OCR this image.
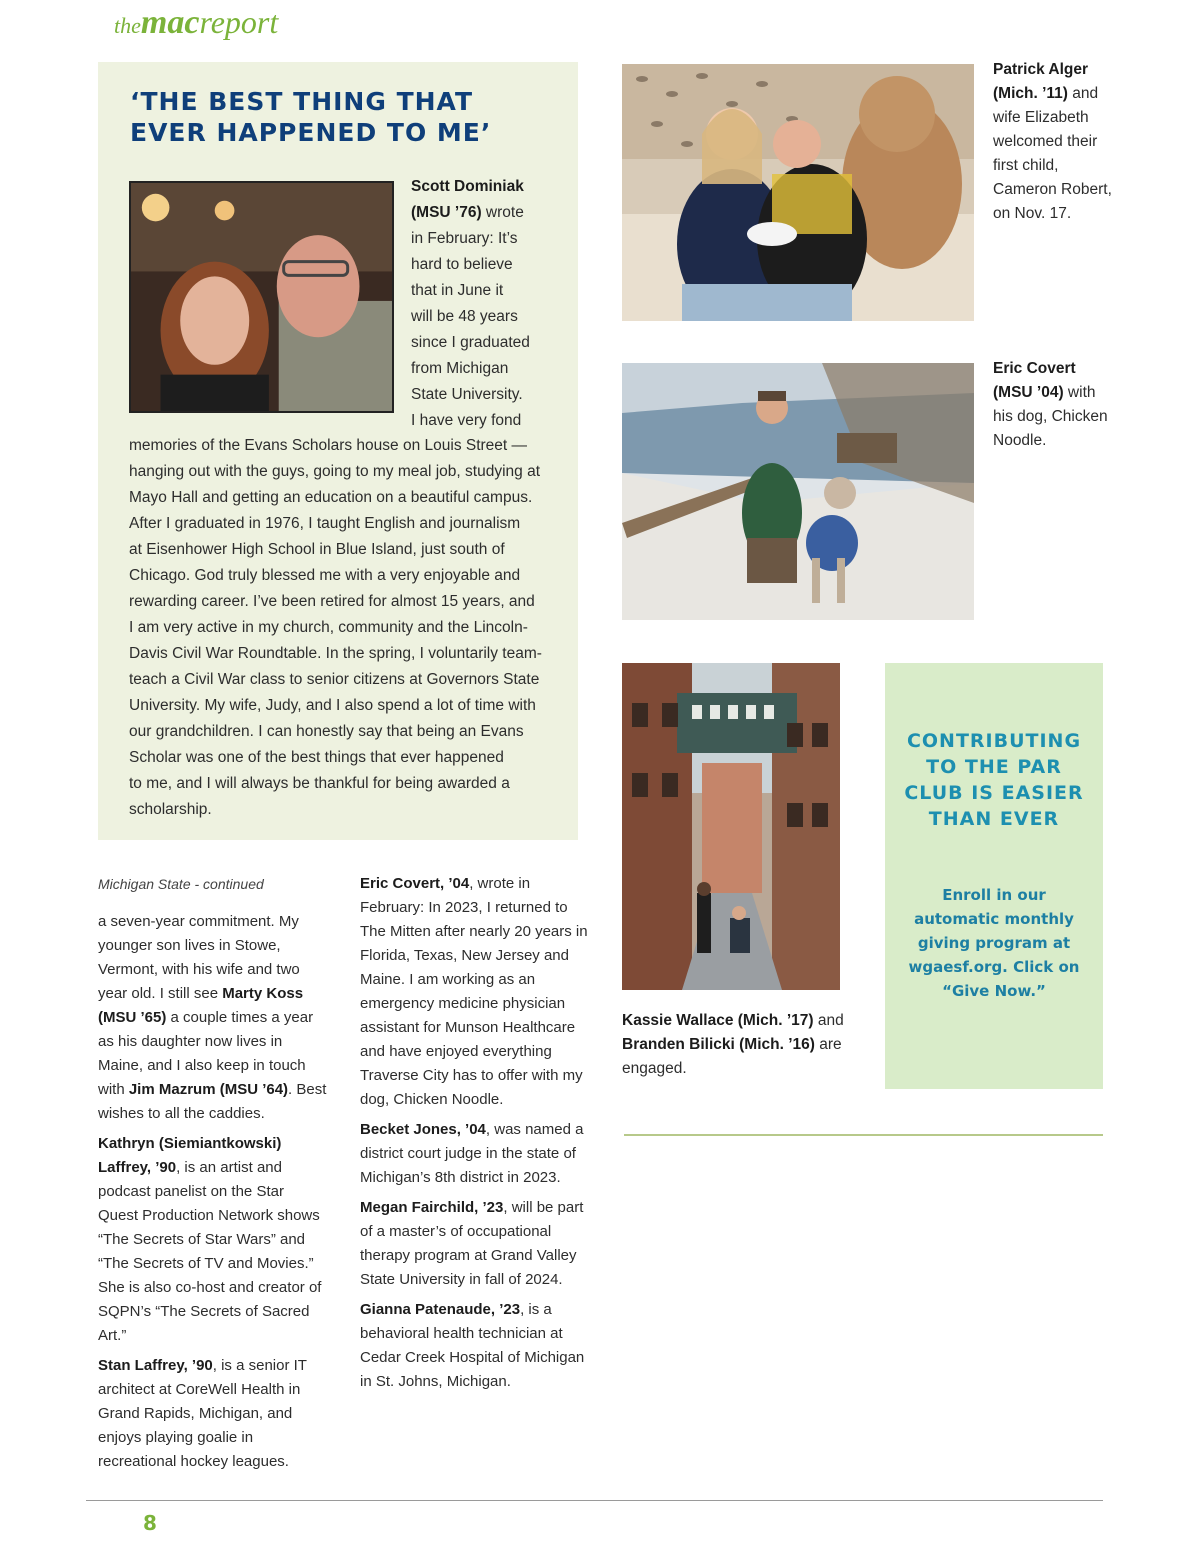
themacreport
‘THE BEST THING THAT
EVER HAPPENED TO ME’
Scott Dominiak
(MSU ’76) wrote
in February: It’s
hard to believe
that in June it
will be 48 years
since I graduated
from Michigan
State University.
I have very fond
memories of the Evans Scholars house on Louis Street —
hanging out with the guys, going to my meal job, studying at
Mayo Hall and getting an education on a beautiful campus.
After I graduated in 1976, I taught English and journalism
at Eisenhower High School in Blue Island, just south of
Chicago. God truly blessed me with a very enjoyable and
rewarding career. I’ve been retired for almost 15 years, and
I am very active in my church, community and the Lincoln-
Davis Civil War Roundtable. In the spring, I voluntarily team-
teach a Civil War class to senior citizens at Governors State
University. My wife, Judy, and I also spend a lot of time with
our grandchildren. I can honestly say that being an Evans
Scholar was one of the best things that ever happened
to me, and I will always be thankful for being awarded a
scholarship.

Michigan State - continued

a seven-year commitment. My younger son lives in Stowe, Vermont, with his wife and two year old. I still see Marty Koss (MSU ’65) a couple times a year as his daughter now lives in Maine, and I also keep in touch with Jim Mazrum (MSU ’64). Best wishes to all the caddies.

Kathryn (Siemiantkowski) Laffrey, ’90, is an artist and podcast panelist on the Star Quest Production Network shows “The Secrets of Star Wars” and “The Secrets of TV and Movies.” She is also co-host and creator of SQPN’s “The Secrets of Sacred Art.”

Stan Laffrey, ’90, is a senior IT architect at CoreWell Health in Grand Rapids, Michigan, and enjoys playing goalie in recreational hockey leagues.

Eric Covert, ’04, wrote in February: In 2023, I returned to The Mitten after nearly 20 years in Florida, Texas, New Jersey and Maine. I am working as an emergency medicine physician assistant for Munson Healthcare and have enjoyed everything Traverse City has to offer with my dog, Chicken Noodle.

Becket Jones, ’04, was named a district court judge in the state of Michigan’s 8th district in 2023.

Megan Fairchild, ’23, will be part of a master’s of occupational therapy program at Grand Valley State University in fall of 2024.

Gianna Patenaude, ’23, is a behavioral health technician at Cedar Creek Hospital of Michigan in St. Johns, Michigan.

Patrick Alger (Mich. ’11) and wife Elizabeth welcomed their first child, Cameron Robert, on Nov. 17.
Eric Covert (MSU ’04) with his dog, Chicken Noodle.
Kassie Wallace (Mich. ’17) and Branden Bilicki (Mich. ’16) are engaged.
CONTRIBUTING TO THE PAR CLUB IS EASIER THAN EVER

Enroll in our automatic monthly giving program at wgaesf.org. Click on “Give Now.”

8
